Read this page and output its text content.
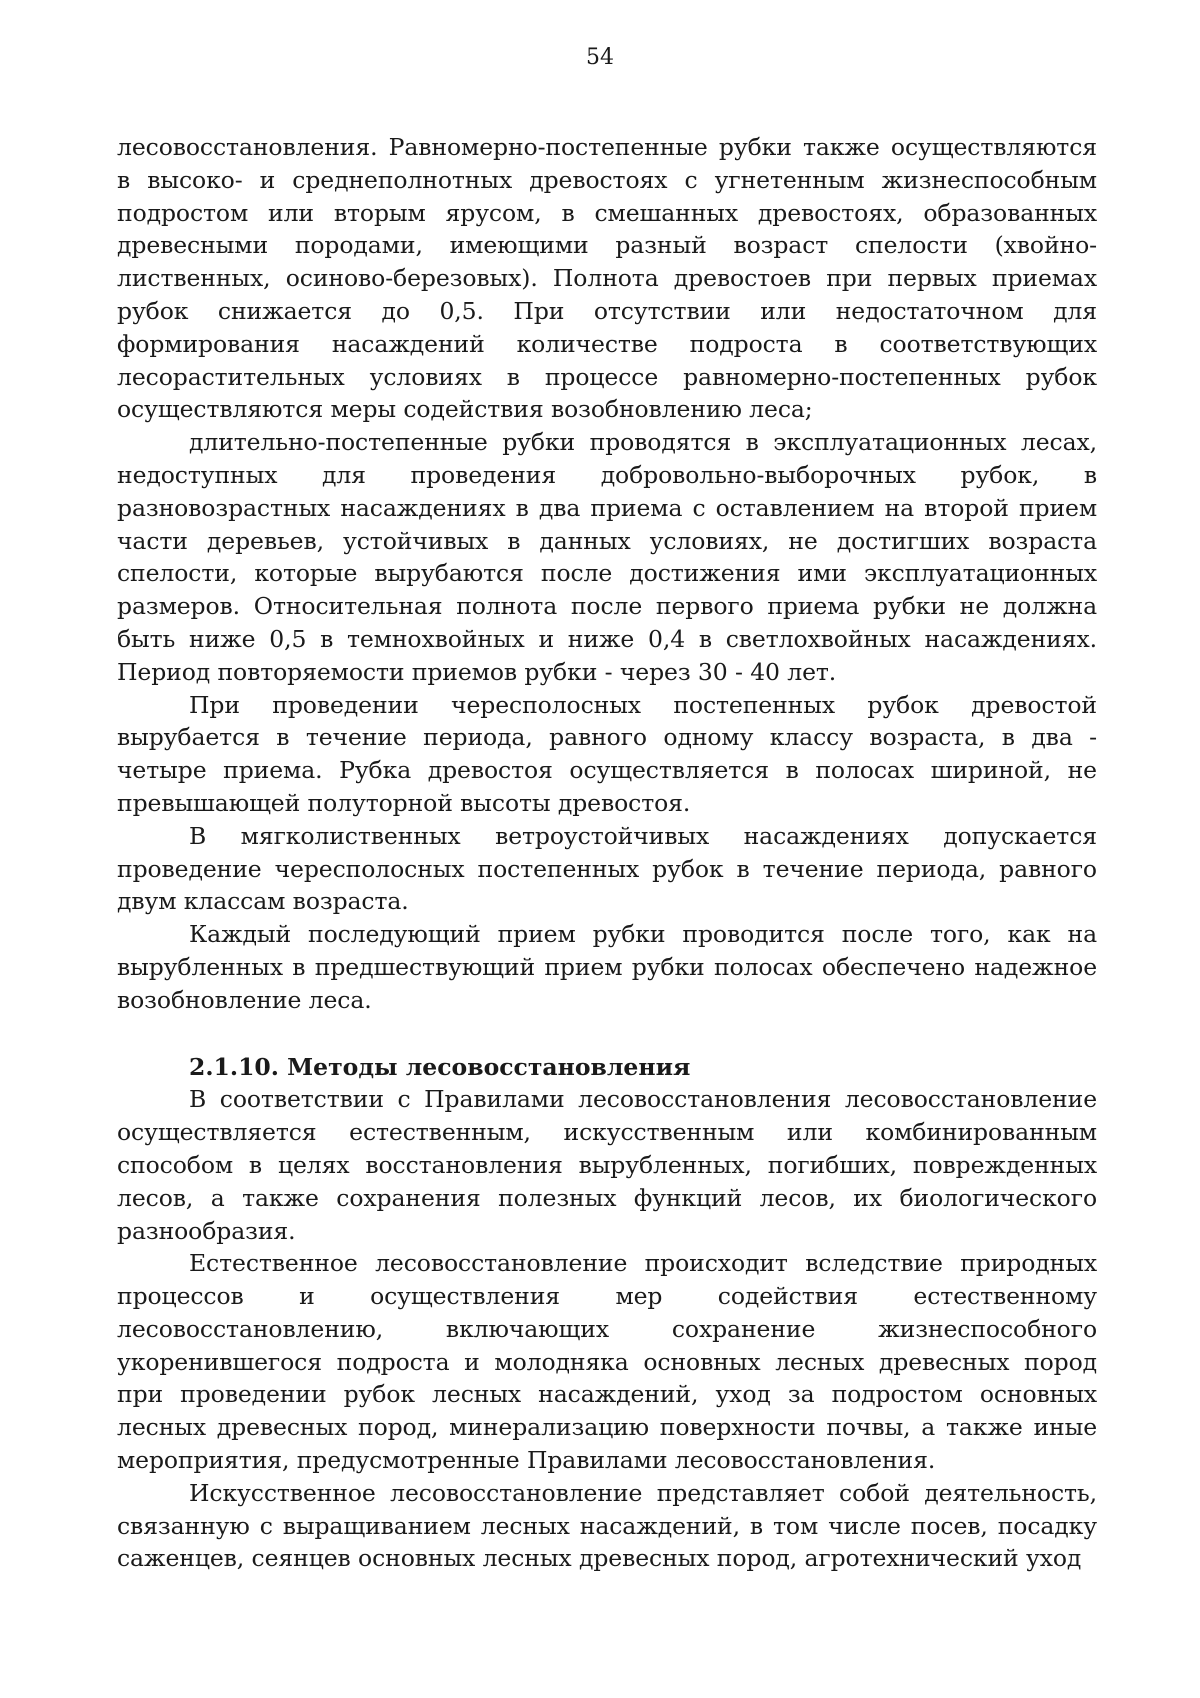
54

лесовосстановления. Равномерно-постепенные рубки также осуществляются в высоко- и среднеполнотных древостоях с угнетенным жизнеспособным подростом или вторым ярусом, в смешанных древостоях, образованных древесными породами, имеющими разный возраст спелости (хвойно-лиственных, осиново-березовых). Полнота древостоев при первых приемах рубок снижается до 0,5. При отсутствии или недостаточном для формирования насаждений количестве подроста в соответствующих лесорастительных условиях в процессе равномерно-постепенных рубок осуществляются меры содействия возобновлению леса;

длительно-постепенные рубки проводятся в эксплуатационных лесах, недоступных для проведения добровольно-выборочных рубок, в разновозрастных насаждениях в два приема с оставлением на второй прием части деревьев, устойчивых в данных условиях, не достигших возраста спелости, которые вырубаются после достижения ими эксплуатационных размеров. Относительная полнота после первого приема рубки не должна быть ниже 0,5 в темнохвойных и ниже 0,4 в светлохвойных насаждениях. Период повторяемости приемов рубки - через 30 - 40 лет.

При проведении чересполосных постепенных рубок древостой вырубается в течение периода, равного одному классу возраста, в два - четыре приема. Рубка древостоя осуществляется в полосах шириной, не превышающей полуторной высоты древостоя.

В мягколиственных ветроустойчивых насаждениях допускается проведение чересполосных постепенных рубок в течение периода, равного двум классам возраста.

Каждый последующий прием рубки проводится после того, как на вырубленных в предшествующий прием рубки полосах обеспечено надежное возобновление леса.

2.1.10. Методы лесовосстановления

В соответствии с Правилами лесовосстановления лесовосстановление осуществляется естественным, искусственным или комбинированным способом в целях восстановления вырубленных, погибших, поврежденных лесов, а также сохранения полезных функций лесов, их биологического разнообразия.

Естественное лесовосстановление происходит вследствие природных процессов и осуществления мер содействия естественному лесовосстановлению, включающих сохранение жизнеспособного укоренившегося подроста и молодняка основных лесных древесных пород при проведении рубок лесных насаждений, уход за подростом основных лесных древесных пород, минерализацию поверхности почвы, а также иные мероприятия, предусмотренные Правилами лесовосстановления.

Искусственное лесовосстановление представляет собой деятельность, связанную с выращиванием лесных насаждений, в том числе посев, посадку саженцев, сеянцев основных лесных древесных пород, агротехнический уход
